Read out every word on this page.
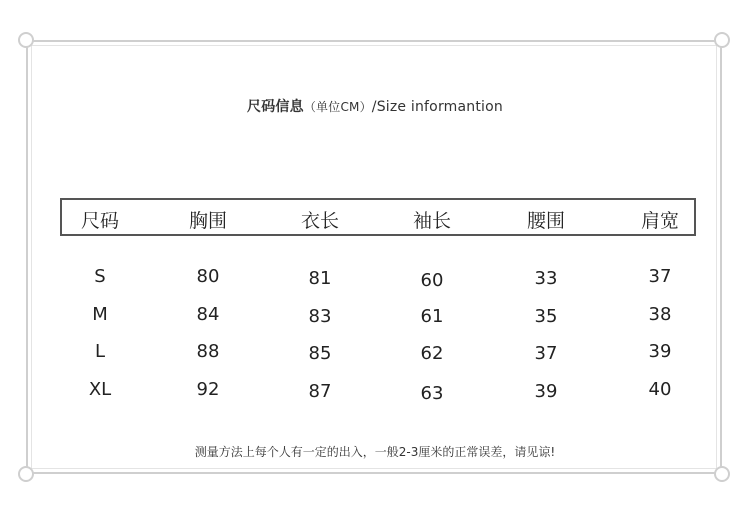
尺码信息（单位CM）/Size informantion
尺码	胸围	衣长	袖长	腰围	肩宽
S	80	81	60	33	37
M	84	83	61	35	38
L	88	85	62	37	39
XL	92	87	63	39	40
测量方法上每个人有一定的出入，一般2-3厘米的正常误差，请见谅!
